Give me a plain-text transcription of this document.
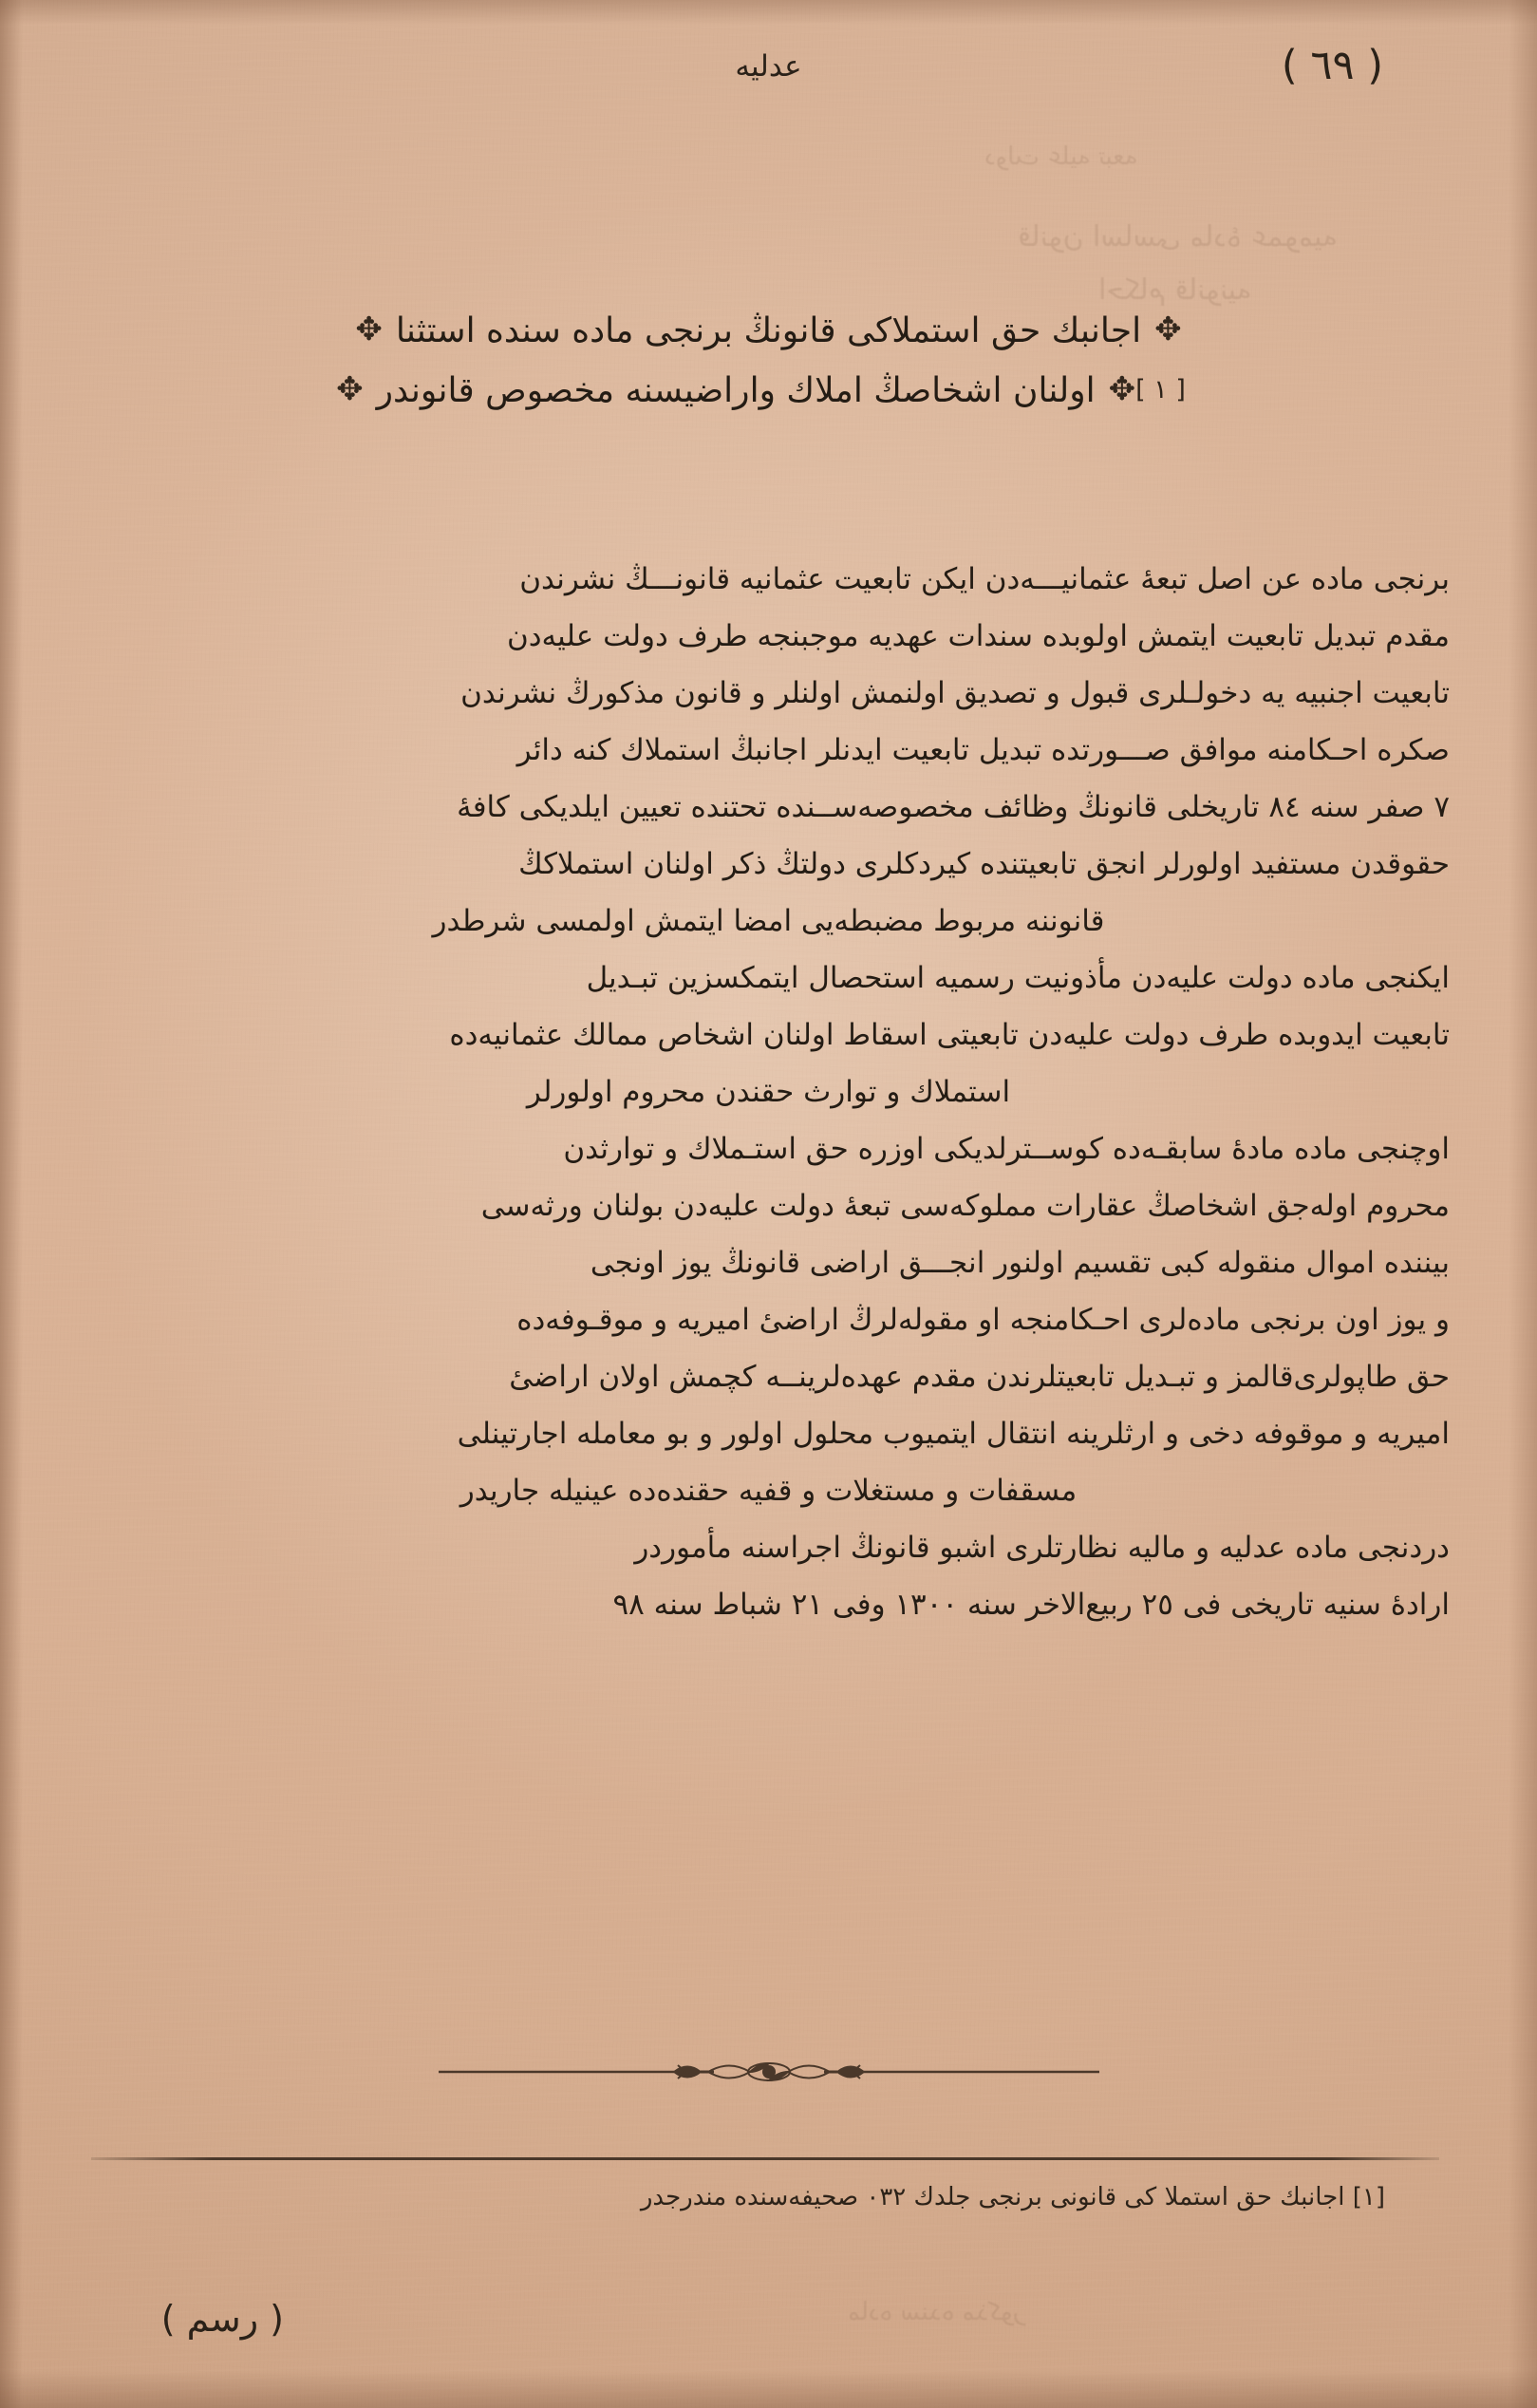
قانون اساسی مادهٔ عموميه
احكام قانونيه
دولت عليه تبعه
ماده سنده مذكور
عدليه	( ٩٦ )
✥اجانبك حق استملاكی قانونڭ برنجی ماده سنده استثنا✥
[ ١ ]✥اولنان اشخاصڭ املاك واراضیسنه مخصوص قانوندر✥
برنجی ماده عن اصل تبعهٔ عثمانیـــه‌دن ايكن تابعيت عثمانيه قانونـــڭ نشرندن
مقدم تبديل تابعيت ايتمش اولوبده سندات عهديه موجبنجه طرف دولت عليه‌دن
تابعيت اجنبيه يه دخولـلری قبول و تصديق اولنمش اولنلر و قانون مذكورڭ نشرندن
صكره احـكامنه موافق صـــورتده تبديل تابعيت ايدنلر اجانبڭ استملاك كنه دائر
٧ صفر سنه ٨٤ تاريخلی قانونڭ وظائف مخصوصه‌ســنده تحتنده تعيين ايلديكی كافهٔ
حقوقدن مستفيد اولورلر انجق تابعيتنده كيردكلری دولتڭ ذكر اولنان استملاكڭ
قانوننه مربوط مضبطه‌يی امضا ايتمش اولمسی شرطدر
ايكنجی ماده دولت عليه‌دن مأذونيت رسميه استحصال ايتمكسزين تبـديل
تابعيت ايدوبده طرف دولت عليه‌دن تابعيتی اسقاط اولنان اشخاص ممالك عثمانيه‌ده
استملاك و توارث حقندن محروم اولورلر
اوچنجی ماده مادهٔ سابقـه‌ده كوســترلديكی اوزره حق استـملاك و توارثدن
محروم اوله‌جق اشخاصڭ عقارات مملوكه‌سی تبعهٔ دولت عليه‌دن بولنان ورثه‌سی
بيننده اموال منقوله كبی تقسيم اولنور انجـــق اراضی قانونڭ يوز اونجی
و يوز اون برنجی ماده‌لری احـكامنجه او مقوله‌لرڭ اراضیٔ اميريه و موقـوفه‌ده
حق طاپولری‌قالمز و تبـديل تابعيتلرندن مقدم عهده‌لرينــه كچمش اولان اراضیٔ
اميريه و موقوفه دخی و ارثلرينه انتقال ايتميوب محلول اولور و بو معامله اجارتينلی
مسقفات و مستغلات و قفيه حقنده‌ده عينيله جاريدر
دردنجی ماده عدليه و ماليه نظارتلری اشبو قانونڭ اجراسنه مأموردر
ارادهٔ سنيه تاريخی فی ٢٥ ربيع‌الاخر سنه ١٣٠٠ وفی ٢١ شباط سنه ٩٨
[١] اجانبك حق استملا كی قانونی برنجی جلدك ٢٣٠ صحيفه‌سنده مندرجدر
( رسم )
